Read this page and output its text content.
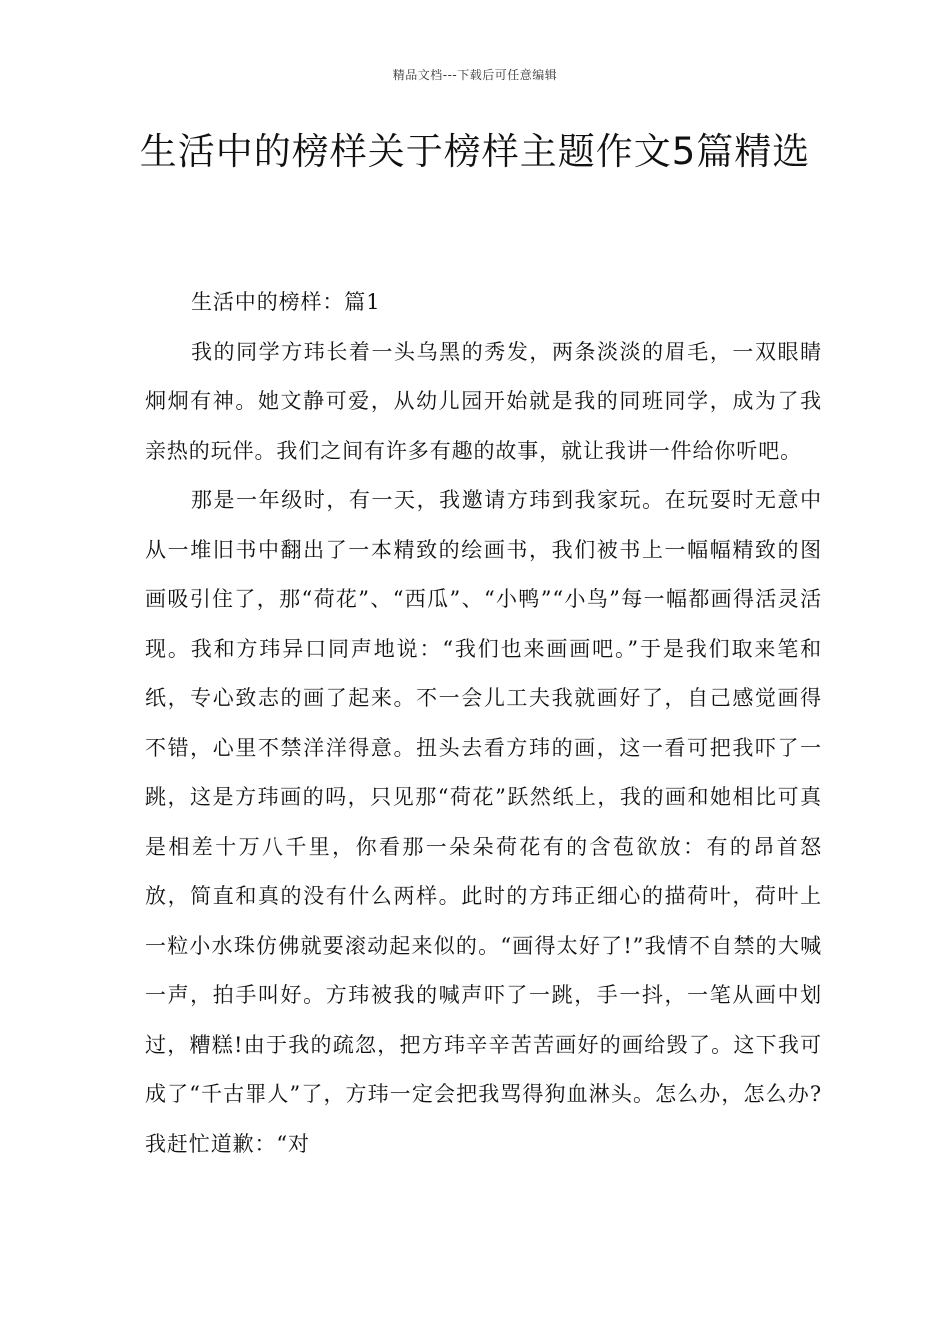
精品文档---下载后可任意编辑
生活中的榜样关于榜样主题作文5篇精选

生活中的榜样：篇1

我的同学方玮长着一头乌黑的秀发，两条淡淡的眉毛，一双眼睛炯炯有神。她文静可爱，从幼儿园开始就是我的同班同学，成为了我亲热的玩伴。我们之间有许多有趣的故事，就让我讲一件给你听吧。

那是一年级时，有一天，我邀请方玮到我家玩。在玩耍时无意中从一堆旧书中翻出了一本精致的绘画书，我们被书上一幅幅精致的图画吸引住了，那“荷花”、“西瓜”、“小鸭”“小鸟”每一幅都画得活灵活现。我和方玮异口同声地说：“我们也来画画吧。”于是我们取来笔和纸，专心致志的画了起来。不一会儿工夫我就画好了，自己感觉画得不错，心里不禁洋洋得意。扭头去看方玮的画，这一看可把我吓了一跳，这是方玮画的吗，只见那“荷花”跃然纸上，我的画和她相比可真是相差十万八千里，你看那一朵朵荷花有的含苞欲放：有的昂首怒放，简直和真的没有什么两样。此时的方玮正细心的描荷叶，荷叶上一粒小水珠仿佛就要滚动起来似的。“画得太好了!”我情不自禁的大喊一声，拍手叫好。方玮被我的喊声吓了一跳，手一抖，一笔从画中划过，糟糕!由于我的疏忽，把方玮辛辛苦苦画好的画给毁了。这下我可成了“千古罪人”了，方玮一定会把我骂得狗血淋头。怎么办，怎么办?我赶忙道歉：“对
